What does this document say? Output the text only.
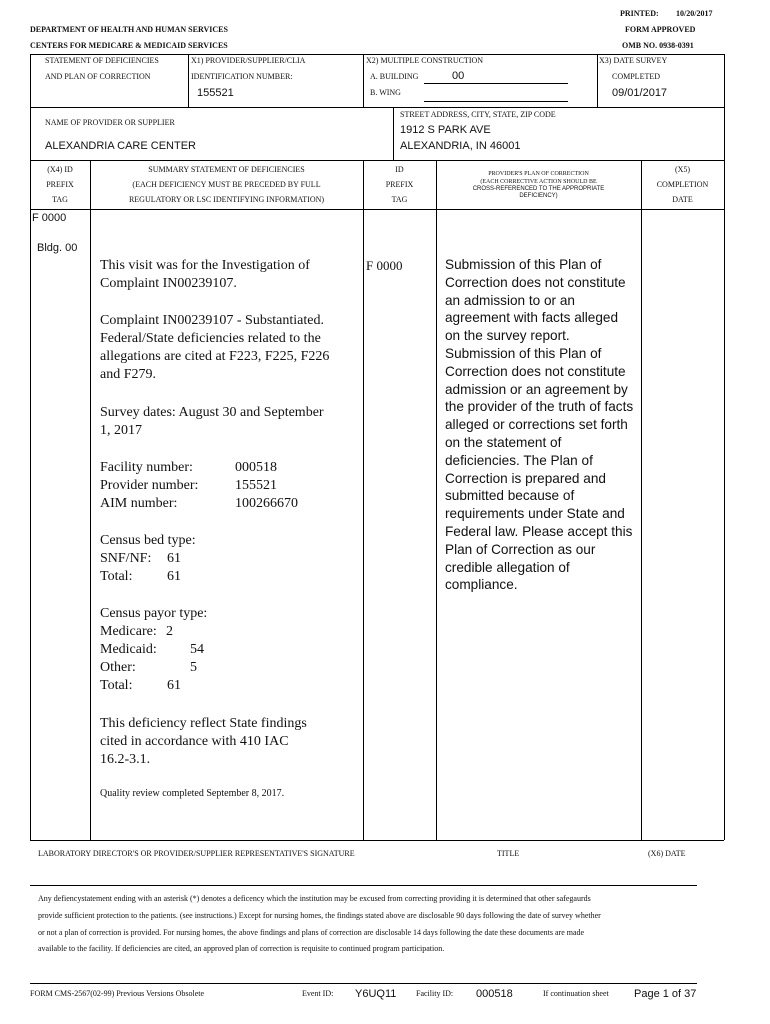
PRINTED: 10/20/2017
FORM APPROVED
OMB NO. 0938-0391
DEPARTMENT OF HEALTH AND HUMAN SERVICES
CENTERS FOR MEDICARE & MEDICAID SERVICES
STATEMENT OF DEFICIENCIES
AND PLAN OF CORRECTION
X1) PROVIDER/SUPPLIER/CLIA
IDENTIFICATION NUMBER:
155521
X2) MULTIPLE CONSTRUCTION
A. BUILDING	00
B. WING
X3) DATE SURVEY
COMPLETED
09/01/2017
NAME OF PROVIDER OR SUPPLIER
ALEXANDRIA CARE CENTER
STREET ADDRESS, CITY, STATE, ZIP CODE
1912 S PARK AVE
ALEXANDRIA, IN 46001
(X4) ID
PREFIX
TAG
SUMMARY STATEMENT OF DEFICIENCIES
(EACH DEFICIENCY MUST BE PRECEDED BY FULL
REGULATORY OR LSC IDENTIFYING INFORMATION)
ID
PREFIX
TAG
PROVIDER'S PLAN OF CORRECTION
(EACH CORRECTIVE ACTION SHOULD BE
CROSS-REFERENCED TO THE APPROPRIATE
DEFICIENCY)
(X5)
COMPLETION
DATE
F 0000
Bldg. 00
F 0000
This visit was for the Investigation of
Complaint IN00239107.
Complaint IN00239107 - Substantiated.
Federal/State deficiencies related to the
allegations are cited at F223, F225, F226
and F279.
Survey dates: August 30 and September
1, 2017
Facility number:	000518
Provider number:	155521
AIM number:	100266670
Census bed type:
SNF/NF: 61
Total: 61
Census payor type:
Medicare: 2
Medicaid: 54
Other:	5
Total: 61
This deficiency reflect State findings
cited in accordance with 410 IAC
16.2-3.1.
Quality review completed September 8, 2017.
Submission of this Plan of Correction does not constitute an admission to or an agreement with facts alleged on the survey report. Submission of this Plan of Correction does not constitute admission or an agreement by the provider of the truth of facts alleged or corrections set forth on the statement of deficiencies. The Plan of Correction is prepared and submitted because of requirements under State and Federal law. Please accept this Plan of Correction as our credible allegation of compliance.
LABORATORY DIRECTOR'S OR PROVIDER/SUPPLIER REPRESENTATIVE'S SIGNATURE	TITLE	(X6) DATE
Any defiencystatement ending with an asterisk (*) denotes a deficency which the institution may be excused from correcting providing it is determined that other safegaurds provide sufficient protection to the patients. (see instructions.) Except for nursing homes, the findings stated above are disclosable 90 days following the date of survey whether or not a plan of correction is provided. For nursing homes, the above findings and plans of correction are disclosable 14 days following the date these documents are made available to the facility. If deficiencies are cited, an approved plan of correction is requisite to continued program participation.
FORM CMS-2567(02-99) Previous Versions Obsolete	Event ID: Y6UQ11 Facility ID: 000518	If continuation sheet Page 1 of 37
